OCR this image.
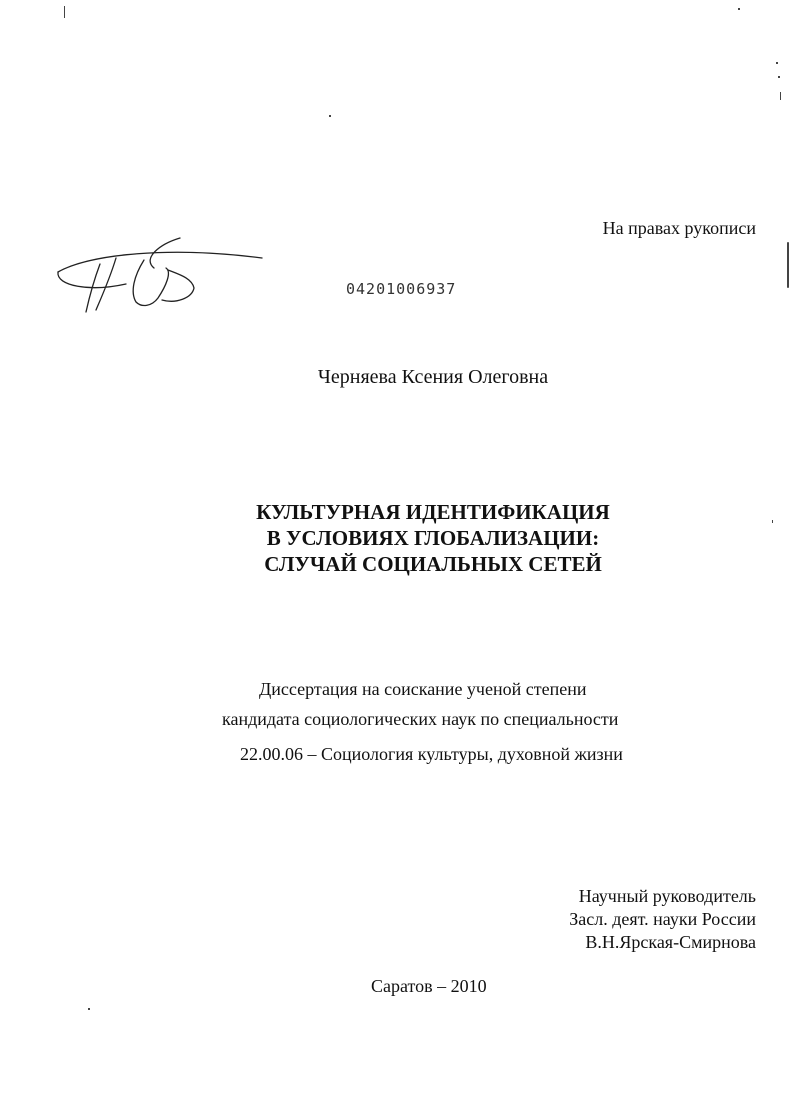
На правах рукописи
04201006937
Черняева Ксения Олеговна
КУЛЬТУРНАЯ ИДЕНТИФИКАЦИЯ
В УСЛОВИЯХ ГЛОБАЛИЗАЦИИ:
СЛУЧАЙ СОЦИАЛЬНЫХ СЕТЕЙ
Диссертация на соискание ученой степени
кандидата социологических наук по специальности
22.00.06 – Социология культуры, духовной жизни
Научный руководитель
Засл. деят. науки России
В.Н.Ярская-Смирнова
Саратов – 2010
